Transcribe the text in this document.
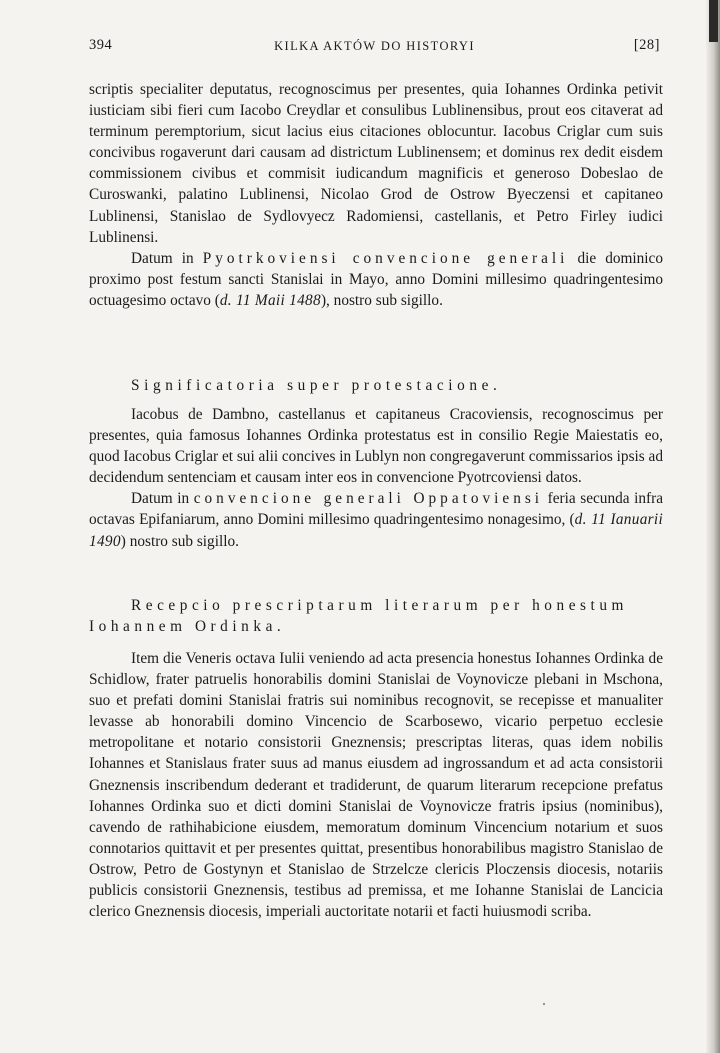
394	KILKA AKTÓW DO HISTORYI	[28]

scriptis specialiter deputatus, recognoscimus per presentes, quia Iohannes Ordinka petivit iusticiam sibi fieri cum Iacobo Creydlar et consulibus Lublinensibus, prout eos citaverat ad terminum peremptorium, sicut lacius eius citaciones oblocuntur. Iacobus Criglar cum suis concivibus rogaverunt dari causam ad districtum Lublinensem; et dominus rex dedit eisdem commissionem civibus et commisit iudicandum magnificis et generoso Dobeslao de Curoswanki, palatino Lublinensi, Nicolao Grod de Ostrow Byeczensi et capitaneo Lublinensi, Stanislao de Sydlovyecz Radomiensi, castellanis, et Petro Firley iudici Lublinensi.

Datum in Pyotrkoviensi convencione generali die dominico proximo post festum sancti Stanislai in Mayo, anno Domini millesimo quadringentesimo octuagesimo octavo (d. 11 Maii 1488), nostro sub sigillo.

Significatoria super protestacione.

Iacobus de Dambno, castellanus et capitaneus Cracoviensis, recognoscimus per presentes, quia famosus Iohannes Ordinka protestatus est in consilio Regie Maiestatis eo, quod Iacobus Criglar et sui alii concives in Lublyn non congregaverunt commissarios ipsis ad decidendum sentenciam et causam inter eos in convencione Pyotrcoviensi datos.

Datum in convencione generali Oppatoviensi feria secunda infra octavas Epifaniarum, anno Domini millesimo quadringentesimo nonagesimo, (d. 11 Ianuarii 1490) nostro sub sigillo.

Recepcio prescriptarum literarum per honestum Iohannem Ordinka.

Item die Veneris octava Iulii veniendo ad acta presencia honestus Iohannes Ordinka de Schidlow, frater patruelis honorabilis domini Stanislai de Voynovicze plebani in Mschona, suo et prefati domini Stanislai fratris sui nominibus recognovit, se recepisse et manualiter levasse ab honorabili domino Vincencio de Scarbosewo, vicario perpetuo ecclesie metropolitane et notario consistorii Gneznensis; prescriptas literas, quas idem nobilis Iohannes et Stanislaus frater suus ad manus eiusdem ad ingrossandum et ad acta consistorii Gneznensis inscribendum dederant et tradiderunt, de quarum literarum recepcione prefatus Iohannes Ordinka suo et dicti domini Stanislai de Voynovicze fratris ipsius (nominibus), cavendo de rathihabicione eiusdem, memoratum dominum Vincencium notarium et suos connotarios quittavit et per presentes quittat, presentibus honorabilibus magistro Stanislao de Ostrow, Petro de Gostynyn et Stanislao de Strzelcze clericis Ploczensis diocesis, notariis publicis consistorii Gneznensis, testibus ad premissa, et me Iohanne Stanislai de Lancicia clerico Gneznensis diocesis, imperiali auctoritate notarii et facti huiusmodi scriba.
